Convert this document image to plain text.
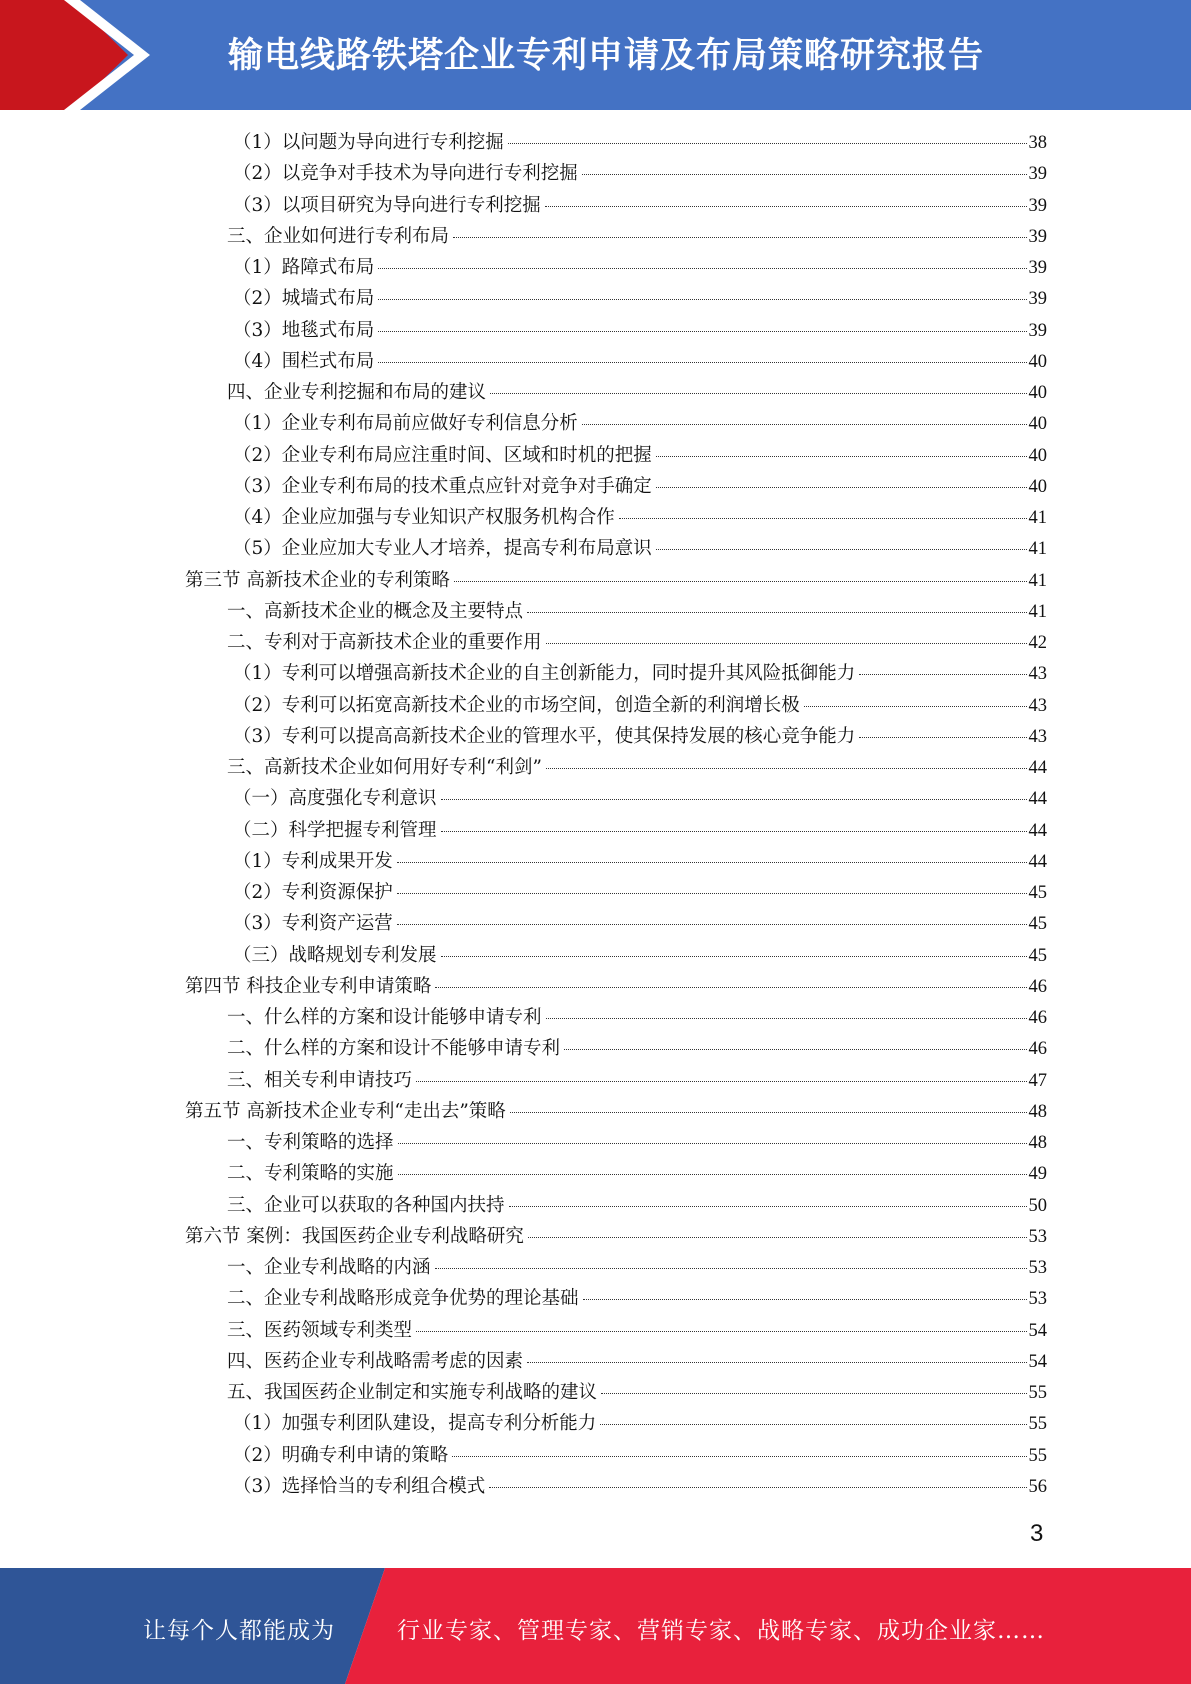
输电线路铁塔企业专利申请及布局策略研究报告
（1）以问题为导向进行专利挖掘	38
（2）以竞争对手技术为导向进行专利挖掘	39
（3）以项目研究为导向进行专利挖掘	39
三、企业如何进行专利布局	39
（1）路障式布局	39
（2）城墙式布局	39
（3）地毯式布局	39
（4）围栏式布局	40
四、企业专利挖掘和布局的建议	40
（1）企业专利布局前应做好专利信息分析	40
（2）企业专利布局应注重时间、区域和时机的把握	40
（3）企业专利布局的技术重点应针对竞争对手确定	40
（4）企业应加强与专业知识产权服务机构合作	41
（5）企业应加大专业人才培养，提高专利布局意识	41
第三节 高新技术企业的专利策略	41
一、高新技术企业的概念及主要特点	41
二、专利对于高新技术企业的重要作用	42
（1）专利可以增强高新技术企业的自主创新能力，同时提升其风险抵御能力	43
（2）专利可以拓宽高新技术企业的市场空间，创造全新的利润增长极	43
（3）专利可以提高高新技术企业的管理水平，使其保持发展的核心竞争能力	43
三、高新技术企业如何用好专利“利剑”	44
（一）高度强化专利意识	44
（二）科学把握专利管理	44
（1）专利成果开发	44
（2）专利资源保护	45
（3）专利资产运营	45
（三）战略规划专利发展	45
第四节 科技企业专利申请策略	46
一、什么样的方案和设计能够申请专利	46
二、什么样的方案和设计不能够申请专利	46
三、相关专利申请技巧	47
第五节 高新技术企业专利“走出去”策略	48
一、专利策略的选择	48
二、专利策略的实施	49
三、企业可以获取的各种国内扶持	50
第六节 案例：我国医药企业专利战略研究	53
一、企业专利战略的内涵	53
二、企业专利战略形成竞争优势的理论基础	53
三、医药领域专利类型	54
四、医药企业专利战略需考虑的因素	54
五、我国医药企业制定和实施专利战略的建议	55
（1）加强专利团队建设，提高专利分析能力	55
（2）明确专利申请的策略	55
（3）选择恰当的专利组合模式	56
3
让每个人都能成为	行业专家、管理专家、营销专家、战略专家、成功企业家……
